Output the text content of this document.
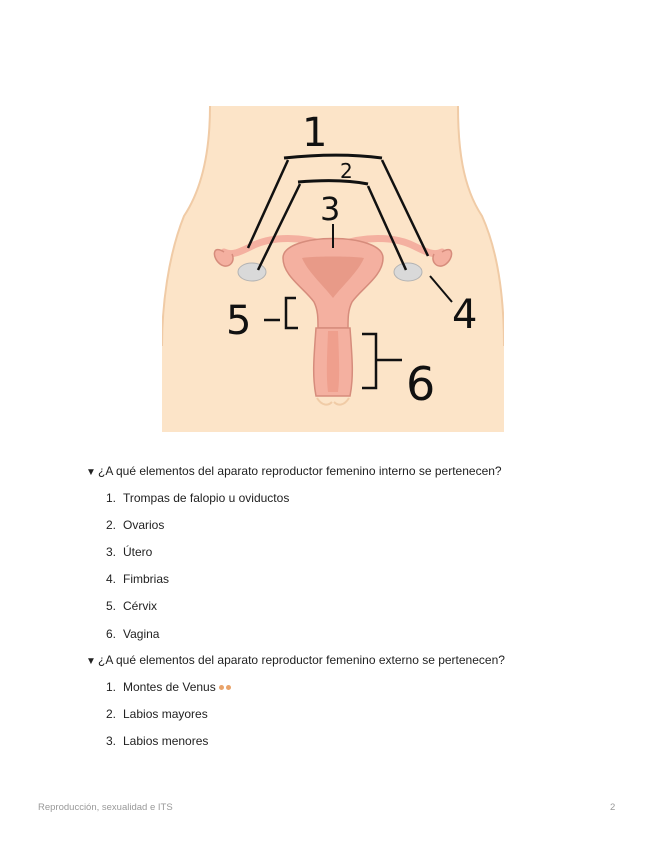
1
2
3
4
5
6
▼ ¿A qué elementos del aparato reproductor femenino interno se pertenecen?
1. Trompas de falopio u oviductos
2. Ovarios
3. Útero
4. Fimbrias
5. Cérvix
6. Vagina
▼ ¿A qué elementos del aparato reproductor femenino externo se pertenecen?
1. Montes de Venus
2. Labios mayores
3. Labios menores
Reproducción, sexualidad e ITS	2
